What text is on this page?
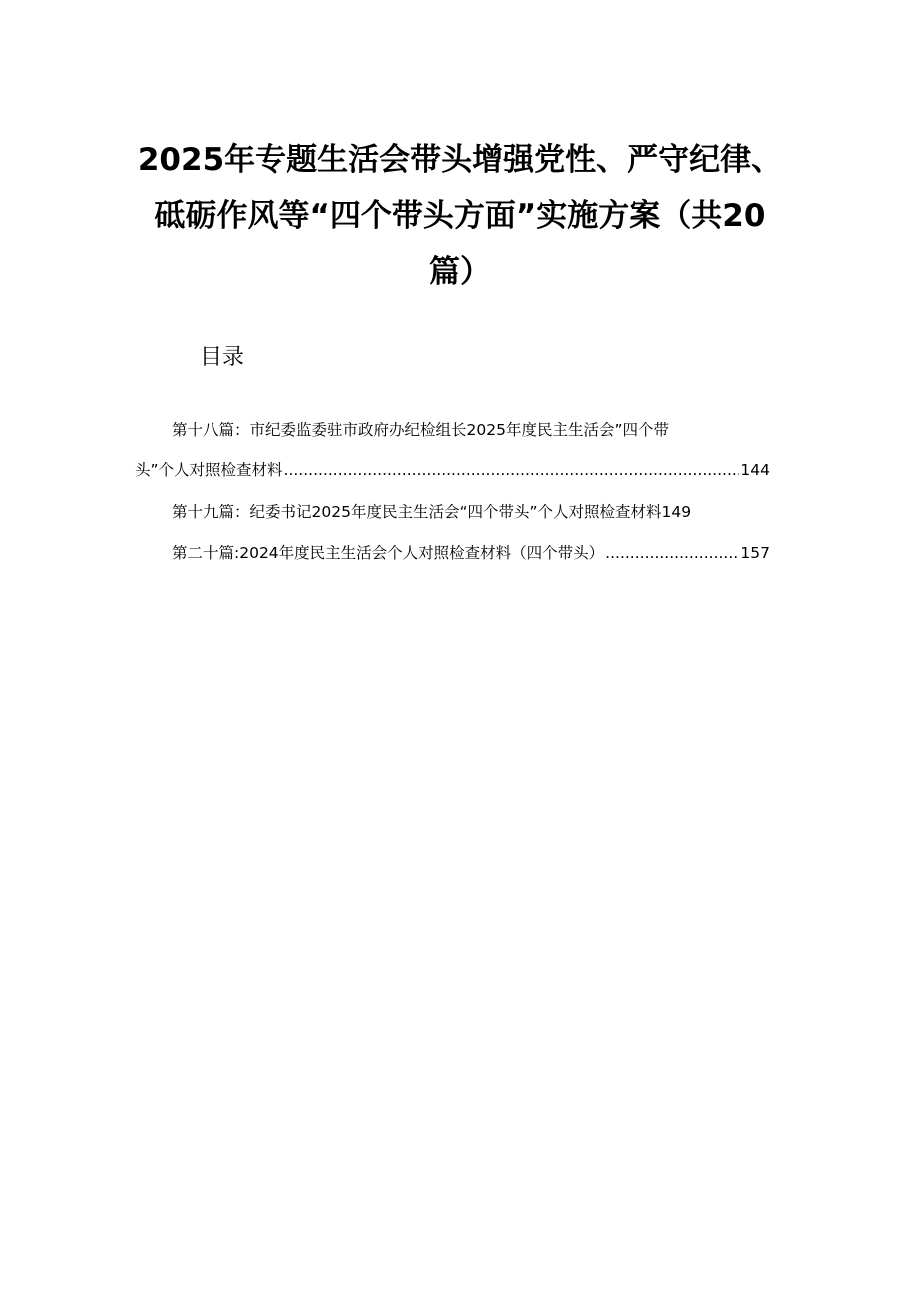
2025年专题生活会带头增强党性、严守纪律、
砥砺作风等“四个带头方面”实施方案（共20
篇）
目录
第十八篇：市纪委监委驻市政府办纪检组长2025年度民主生活会”四个带
头”个人对照检查材料 .....	144
第十九篇：纪委书记2025年度民主生活会“四个带头”个人对照检查材料 149
第二十篇:2024年度民主生活会个人对照检查材料（四个带头） .....	157
